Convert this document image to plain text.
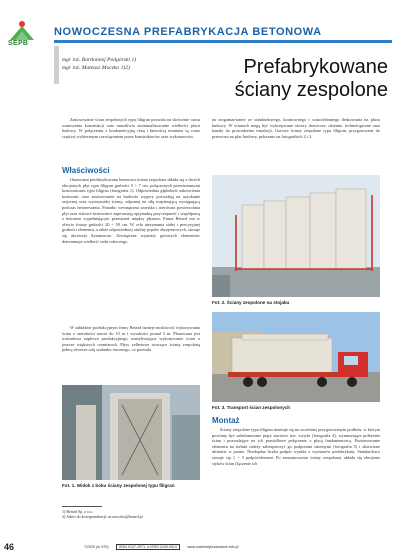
SEPB
NOWOCZESNA PREFABRYKACJA BETONOWA
mgr inż. Bartłomiej Podgórski 1)
mgr inż. Mateusz Moczko 1)2)	Prefabrykowane
ściany zespolone

Zastosowanie ścian zespolonych typu filigran pozwala na skrócenie czasu wznoszenia konstrukcji oraz umożliwia zminimalizowanie wielkości placu budowy. W połączeniu z konkurencyjną ceną i łatwością montażu są coraz częściej wybieranym rozwiązaniem przez konstruktorów oraz wykonawców.

na zorganizowanie ze standardowego, kosztownego i czasochłonnego deskowania na placu budowy. W ścianach mogą być wykonywane otwory drzwiowe, okienne, technologiczne oraz kanały do prowadzenia instalacji. Gotowe ściany zespolone typu filigran, przygotowane do przewozu na plac budowy, pokazano na fotografiach 2 i 3.

Właściwości

Omawiana prefabrykowana betonowa ściana zespolona składa się z dwóch zbrojonych płyt typu filigran grubości 5 ÷ 7 cm, połączonych przestrzennymi kratownicami typu filigran (fotografia 1). Odpowiednia głębokość zakotwienia kratownic oraz zastosowanie na budowie wypory pozwalają na uzyskanie sztywnej oraz wytrzymałej ściany, odpornej na siłę rozpierającą występującą podczas betonowania. Ponadto wewnętrzna szorstka i nierówna powierzchnia płyt oraz stalowe kratownice zapewniają optymalną przyczepność i współpracę z betonem wypełniającym przestrzeń między płytami. Firma Betard ma w ofercie ściany grubości 20 ÷ 50 cm. W celu utrzymania stałej i precyzyjnej grubości elementu, a także odpowiedniej otuliny prętów zbrojeniowych, stosuje się akcesoria dystansowe. Zewnętrzne wymiary gotowych elementów determinuje wielkość stołu roboczego.

W zakładzie produkcyjnym firmy Betard istnieje możliwość wykonywania ścian o szerokości nawet do 10 m i wysokości ponad 3 m. Planowana jest rozbudowa zaplecza produkcyjnego, umożliwiająca wykonywanie ścian o jeszcze większych rozmiarach. Płyty zelbetowe tworzące ścianę zespoloną pełnią również rolę szalunku traconego, co pozwala

Fot. 2. Ściany zespolone na stojaku
Fot. 3. Transport ścian zespolonych
Fot. 1. Widok z boku ściany zespolonej typu filigran
Montaż

Ściany zespolone typu filigran montuje się na wcześniej przygotowanym podłożu, w którym powinny być zabetonowane pręty startowe tzw. wytyki (fotografia 4), wymuszające położenie ścian i pozwalające na ich prawidłowe połączenie z płytą fundamentową. Poziomowanie elementu na stelaże należy zabezpieczyć go podporami ukośnymi (fotografia 5) i skotwione ułożenie w pionie. Niezbędna liczba podpór wynika z wymiarów prefabrykatu. Standardowo stosuje się 1 ÷ 3 podpór/element. Po zamontowaniu ściany zespolonej układa się zbrojenie styków ścian (łączenie ich

1) Betard Sp. z o.o.
2) Adres do korespondencji: m.moczko@betard.pl
46	7/2020 (nr 575)	ISSN 0137-2971, e-ISSN 2449-951X	www.materialybudowlane.info.pl
